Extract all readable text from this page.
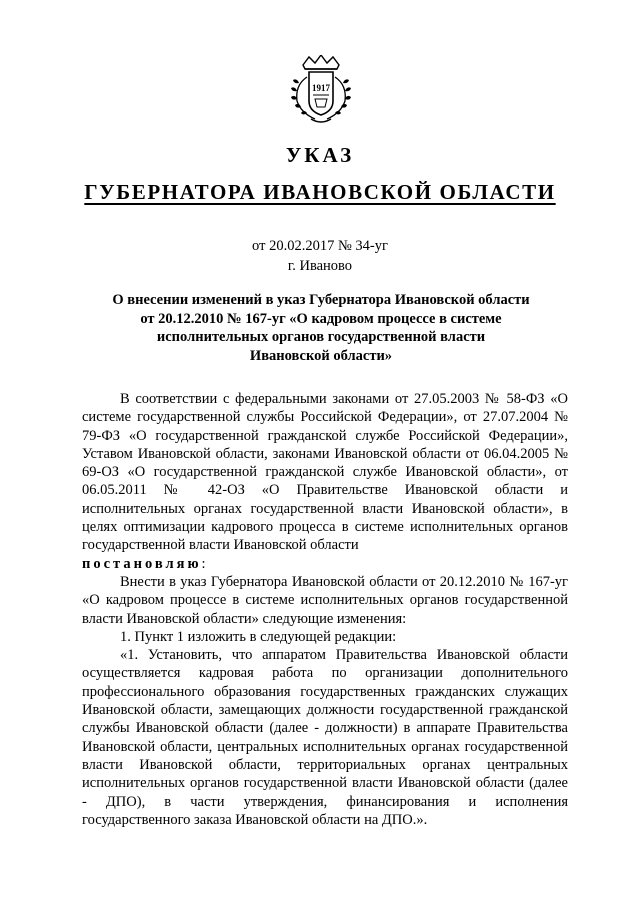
1917
УКАЗ
ГУБЕРНАТОРА ИВАНОВСКОЙ ОБЛАСТИ
от 20.02.2017 № 34-уг
г. Иваново
О внесении изменений в указ Губернатора Ивановской области
от 20.12.2010 № 167-уг «О кадровом процессе в системе
исполнительных органов государственной власти
Ивановской области»

В соответствии с федеральными законами от 27.05.2003 № 58-ФЗ «О системе государственной службы Российской Федерации», от 27.07.2004 № 79-ФЗ «О государственной гражданской службе Российской Федерации», Уставом Ивановской области, законами Ивановской области от 06.04.2005 № 69-ОЗ «О государственной гражданской службе Ивановской области», от 06.05.2011 № 42-ОЗ «О Правительстве Ивановской области и исполнительных органах государственной власти Ивановской области», в целях оптимизации кадрового процесса в системе исполнительных органов государственной власти Ивановской области

постановляю:

Внести в указ Губернатора Ивановской области от 20.12.2010 № 167-уг «О кадровом процессе в системе исполнительных органов государственной власти Ивановской области» следующие изменения:

1. Пункт 1 изложить в следующей редакции:

«1. Установить, что аппаратом Правительства Ивановской области осуществляется кадровая работа по организации дополнительного профессионального образования государственных гражданских служащих Ивановской области, замещающих должности государственной гражданской службы Ивановской области (далее - должности) в аппарате Правительства Ивановской области, центральных исполнительных органах государственной власти Ивановской области, территориальных органах центральных исполнительных органов государственной власти Ивановской области (далее - ДПО), в части утверждения, финансирования и исполнения государственного заказа Ивановской области на ДПО.».
